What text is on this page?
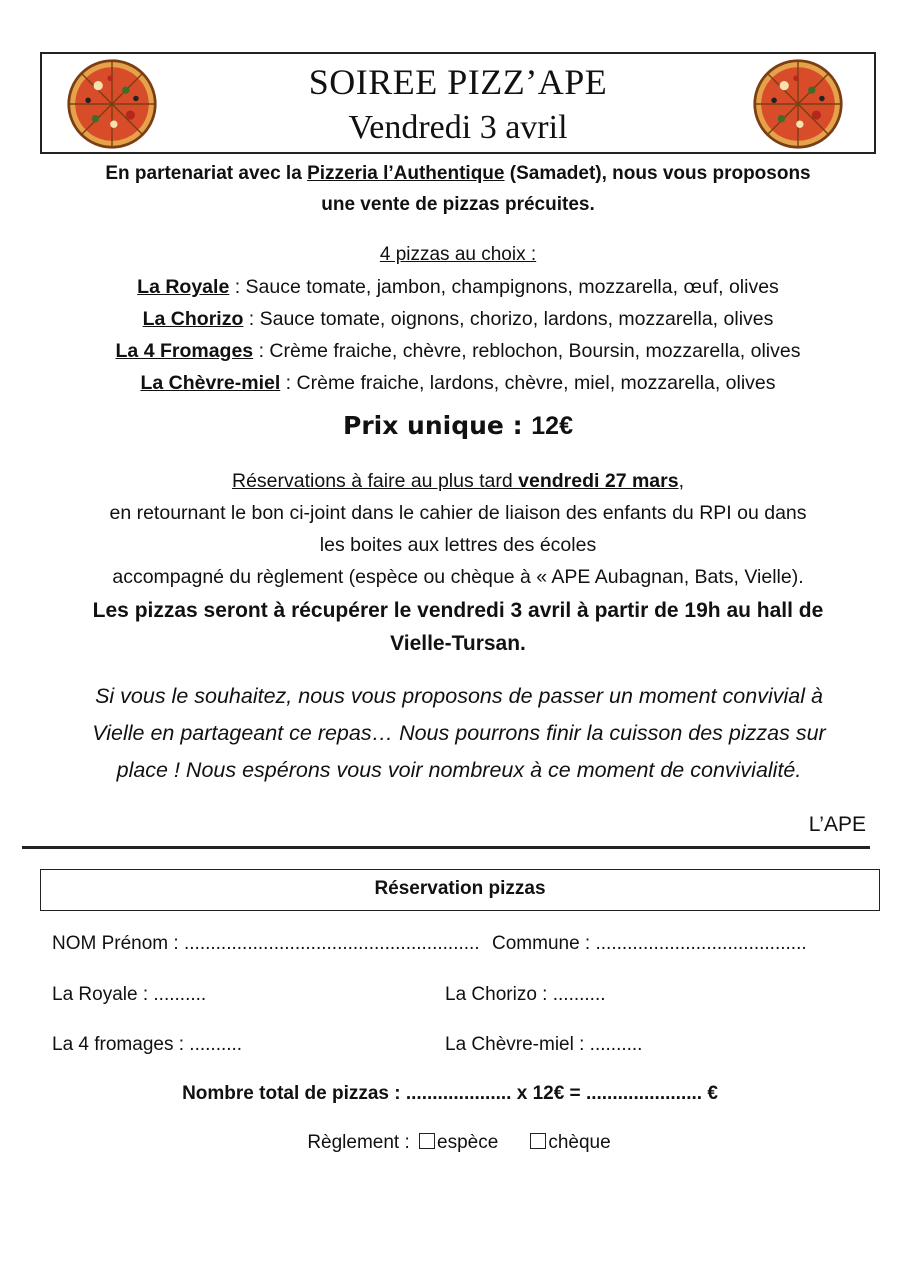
SOIREE PIZZ’APE
Vendredi 3 avril
En partenariat avec la Pizzeria l’Authentique (Samadet), nous vous proposons
une vente de pizzas précuites.
4 pizzas au choix :
La Royale : Sauce tomate, jambon, champignons, mozzarella, œuf, olives
La Chorizo : Sauce tomate, oignons, chorizo, lardons, mozzarella, olives
La 4 Fromages : Crème fraiche, chèvre, reblochon, Boursin, mozzarella, olives
La Chèvre-miel : Crème fraiche, lardons, chèvre, miel, mozzarella, olives
Prix unique : 12€
Réservations à faire au plus tard vendredi 27 mars,
en retournant le bon ci-joint dans le cahier de liaison des enfants du RPI ou dans
les boites aux lettres des écoles
accompagné du règlement (espèce ou chèque à « APE Aubagnan, Bats, Vielle).
Les pizzas seront à récupérer le vendredi 3 avril à partir de 19h au hall de
Vielle-Tursan.
Si vous le souhaitez, nous vous proposons de passer un moment convivial à
Vielle en partageant ce repas… Nous pourrons finir la cuisson des pizzas sur
place ! Nous espérons vous voir nombreux à ce moment de convivialité.
L’APE
Réservation pizzas
NOM Prénom : ........................................................ Commune : ........................................
La Royale : ..........	La Chorizo : ..........
La 4 fromages : ..........	La Chèvre-miel : ..........
Nombre total de pizzas : .................... x 12€ = ...................... €
Règlement : espèce	chèque
